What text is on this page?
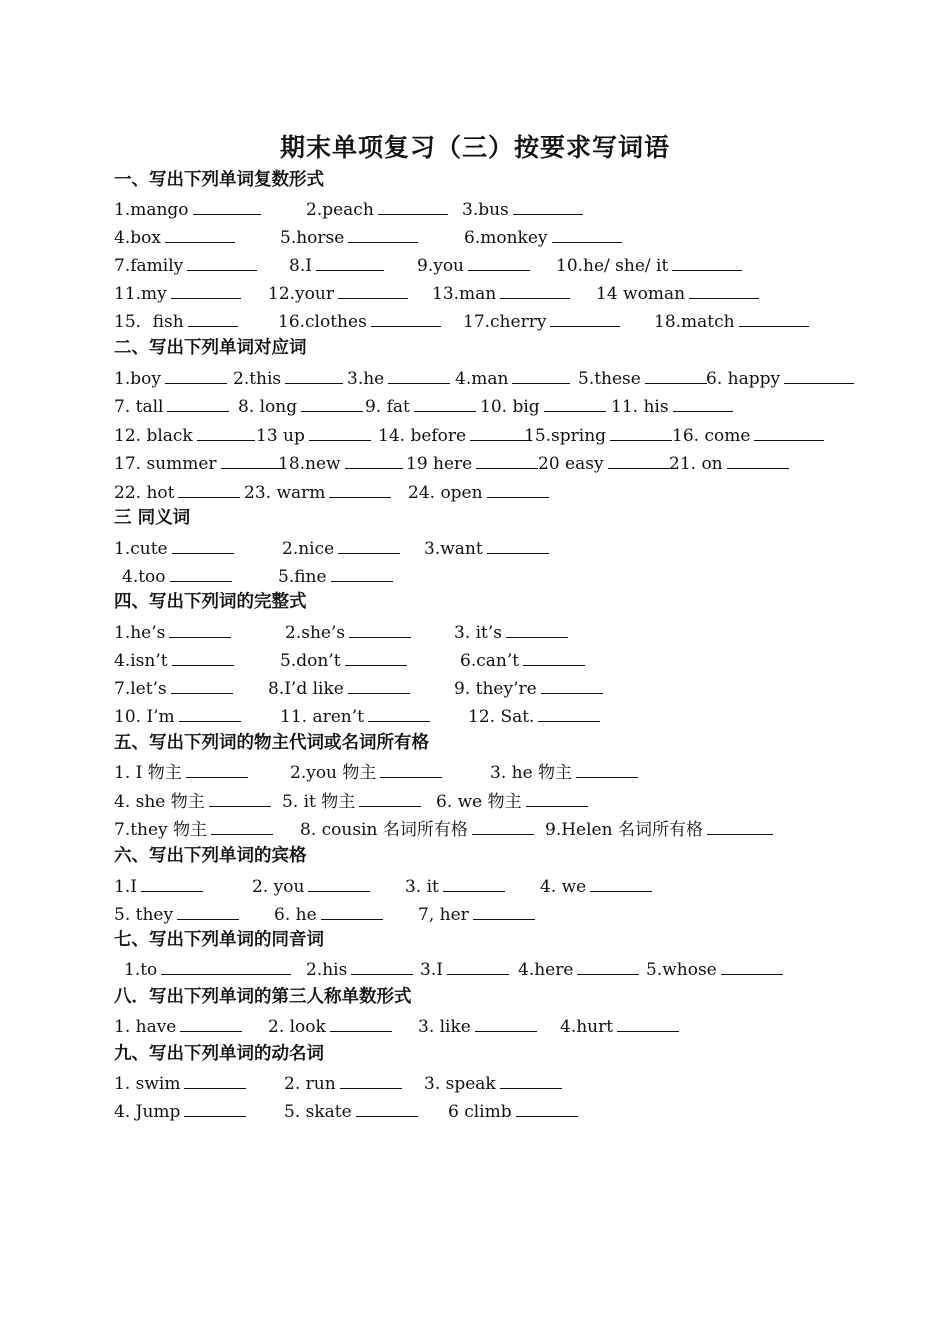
期末单项复习（三）按要求写词语
一、写出下列单词复数形式
1.mango	2.peach	3.bus
4.box	5.horse	6.monkey
7.family	8.I	9.you	10.he/ she/ it
11.my	12.your	13.man	14 woman
15．fish	16.clothes	17.cherry	18.match
二、写出下列单词对应词
1.boy	2.this	3.he	4.man	5.these	6. happy
7. tall	8. long	9. fat	10. big	11. his
12. black	13 up	14. before	15.spring	16. come
17. summer	18.new	19 here	20 easy	21. on
22. hot	23. warm	24. open
三 同义词
1.cute	2.nice	3.want
4.too	5.fine
四、写出下列词的完整式
1.he’s	2.she’s	3. it’s
4.isn’t	5.don’t	6.can’t
7.let’s	8.I’d like	9. they’re
10. I’m	11. aren’t	12. Sat.
五、写出下列词的物主代词或名词所有格
1. I 物主	2.you 物主	3. he 物主
4. she 物主	5. it 物主	6. we 物主
7.they 物主	8. cousin 名词所有格	9.Helen 名词所有格
六、写出下列单词的宾格
1.I	2. you	3. it	4. we
5. they	6. he	7, her
七、写出下列单词的同音词
1.to	2.his	3.I	4.here	5.whose
八．写出下列单词的第三人称单数形式
1. have	2. look	3. like	4.hurt
九、写出下列单词的动名词
1. swim	2. run	3. speak
4. Jump	5. skate	6 climb
